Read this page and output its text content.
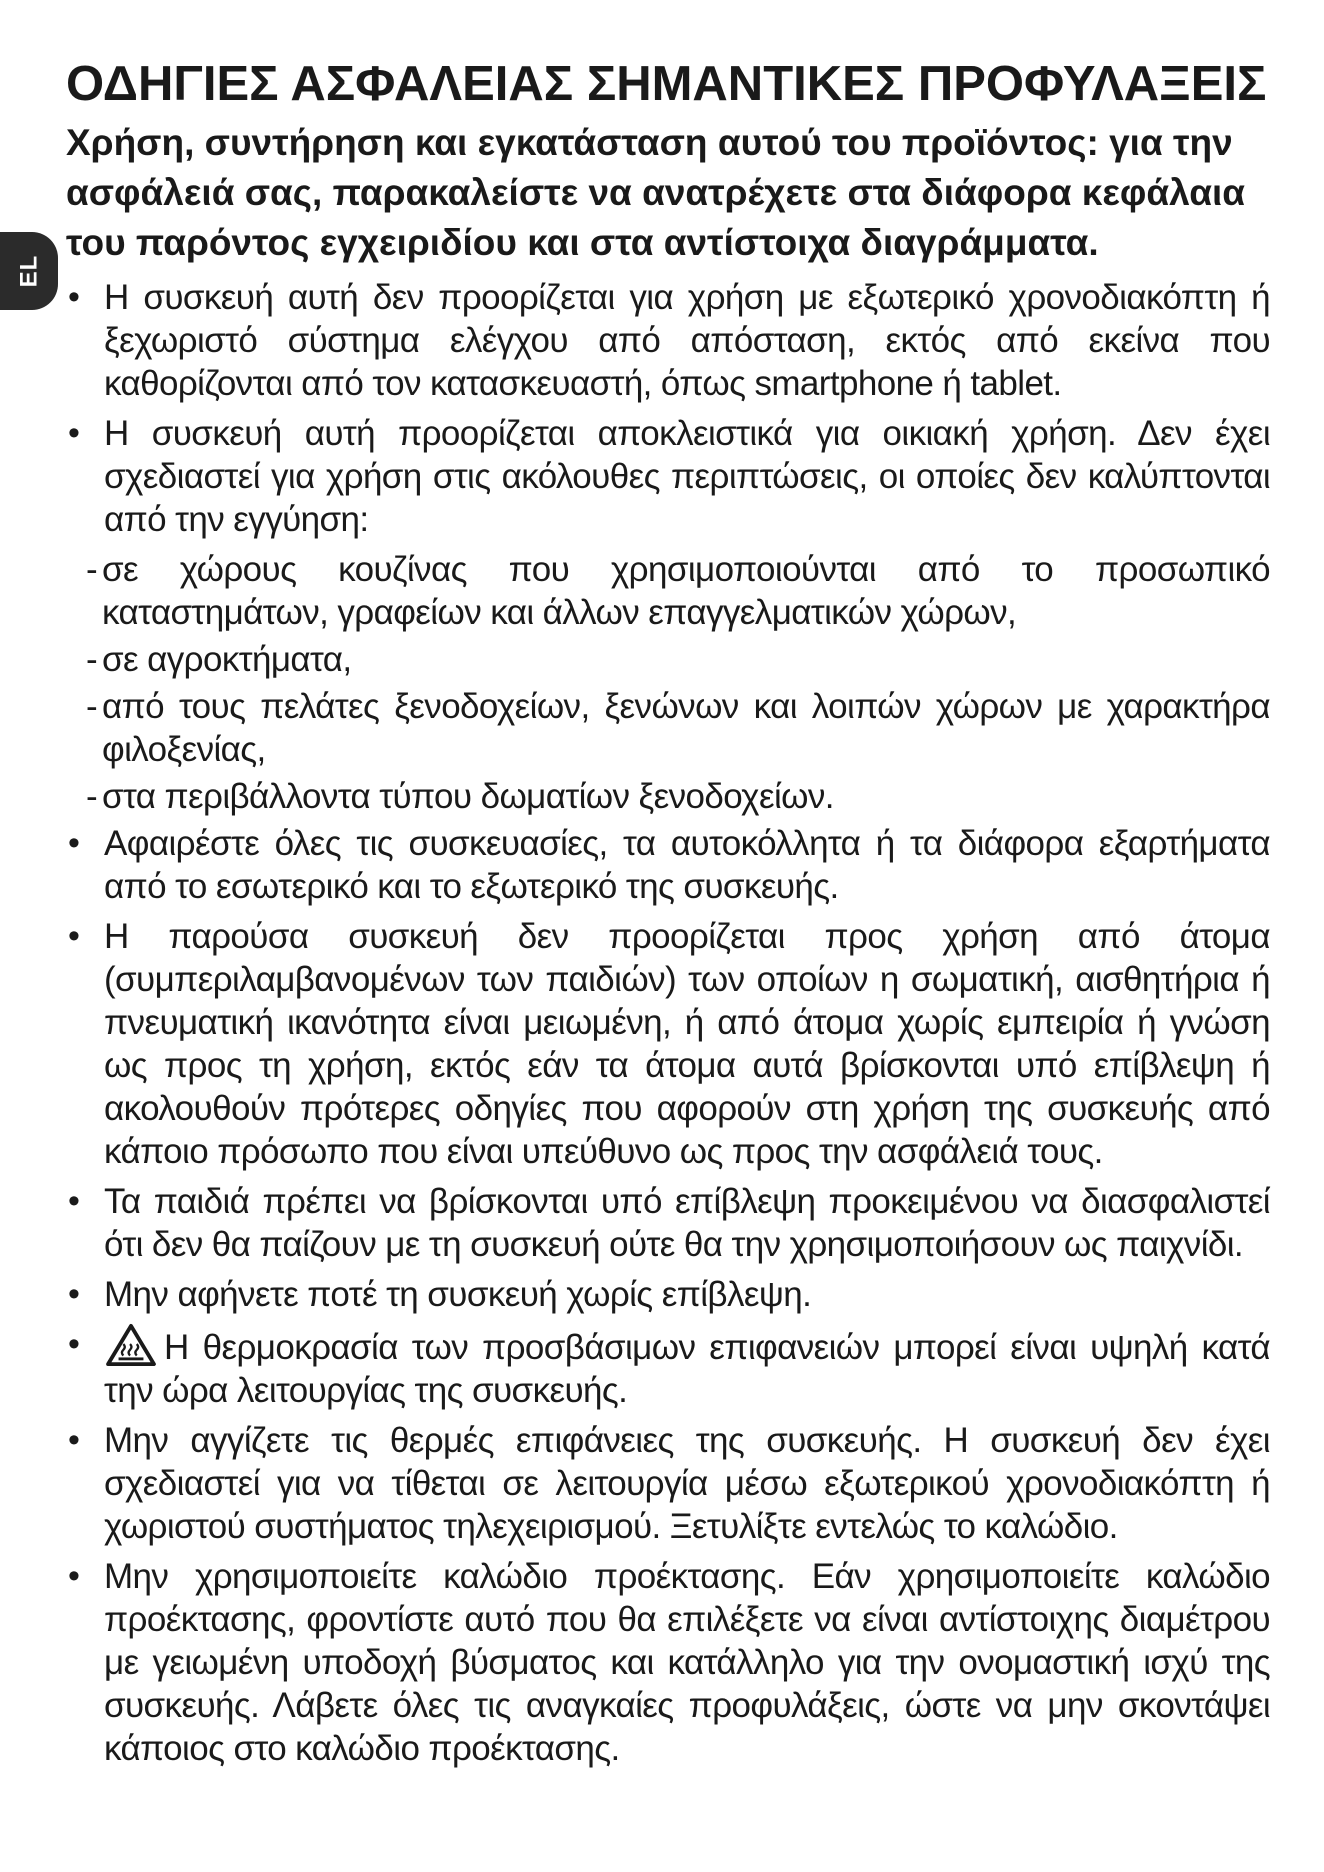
EL
ΟΔΗΓΙΕΣ ΑΣΦΑΛΕΙΑΣ ΣΗΜΑΝΤΙΚΕΣ ΠΡΟΦΥΛΑΞΕΙΣ

Χρήση, συντήρηση και εγκατάσταση αυτού του προϊόντος: για την ασφάλειά σας, παρακαλείστε να ανατρέχετε στα διάφορα κεφάλαια του παρόντος εγχειριδίου και στα αντίστοιχα διαγράμματα.

• Η συσκευή αυτή δεν προορίζεται για χρήση με εξωτερικό χρονοδιακόπτη ή ξεχωριστό σύστημα ελέγχου από απόσταση, εκτός από εκείνα που καθορίζονται από τον κατασκευαστή, όπως smartphone ή tablet.
• Η συσκευή αυτή προορίζεται αποκλειστικά για οικιακή χρήση. Δεν έχει σχεδιαστεί για χρήση στις ακόλουθες περιπτώσεις, οι οποίες δεν καλύπτονται από την εγγύηση:
- σε χώρους κουζίνας που χρησιμοποιούνται από το προσωπικό καταστημάτων, γραφείων και άλλων επαγγελματικών χώρων,
- σε αγροκτήματα,
- από τους πελάτες ξενοδοχείων, ξενώνων και λοιπών χώρων με χαρακτήρα φιλοξενίας,
- στα περιβάλλοντα τύπου δωματίων ξενοδοχείων.
• Αφαιρέστε όλες τις συσκευασίες, τα αυτοκόλλητα ή τα διάφορα εξαρτήματα από το εσωτερικό και το εξωτερικό της συσκευής.
• Η παρούσα συσκευή δεν προορίζεται προς χρήση από άτομα (συμπεριλαμβανομένων των παιδιών) των οποίων η σωματική, αισθητήρια ή πνευματική ικανότητα είναι μειωμένη, ή από άτομα χωρίς εμπειρία ή γνώση ως προς τη χρήση, εκτός εάν τα άτομα αυτά βρίσκονται υπό επίβλεψη ή ακολουθούν πρότερες οδηγίες που αφορούν στη χρήση της συσκευής από κάποιο πρόσωπο που είναι υπεύθυνο ως προς την ασφάλειά τους.
• Τα παιδιά πρέπει να βρίσκονται υπό επίβλεψη προκειμένου να διασφαλιστεί ότι δεν θα παίζουν με τη συσκευή ούτε θα την χρησιμοποιήσουν ως παιχνίδι.
• Μην αφήνετε ποτέ τη συσκευή χωρίς επίβλεψη.
• Η θερμοκρασία των προσβάσιμων επιφανειών μπορεί είναι υψηλή κατά την ώρα λειτουργίας της συσκευής.
• Μην αγγίζετε τις θερμές επιφάνειες της συσκευής. Η συσκευή δεν έχει σχεδιαστεί για να τίθεται σε λειτουργία μέσω εξωτερικού χρονοδιακόπτη ή χωριστού συστήματος τηλεχειρισμού. Ξετυλίξτε εντελώς το καλώδιο.
• Μην χρησιμοποιείτε καλώδιο προέκτασης. Εάν χρησιμοποιείτε καλώδιο προέκτασης, φροντίστε αυτό που θα επιλέξετε να είναι αντίστοιχης διαμέτρου με γειωμένη υποδοχή βύσματος και κατάλληλο για την ονομαστική ισχύ της συσκευής. Λάβετε όλες τις αναγκαίες προφυλάξεις, ώστε να μην σκοντάψει κάποιος στο καλώδιο προέκτασης.
